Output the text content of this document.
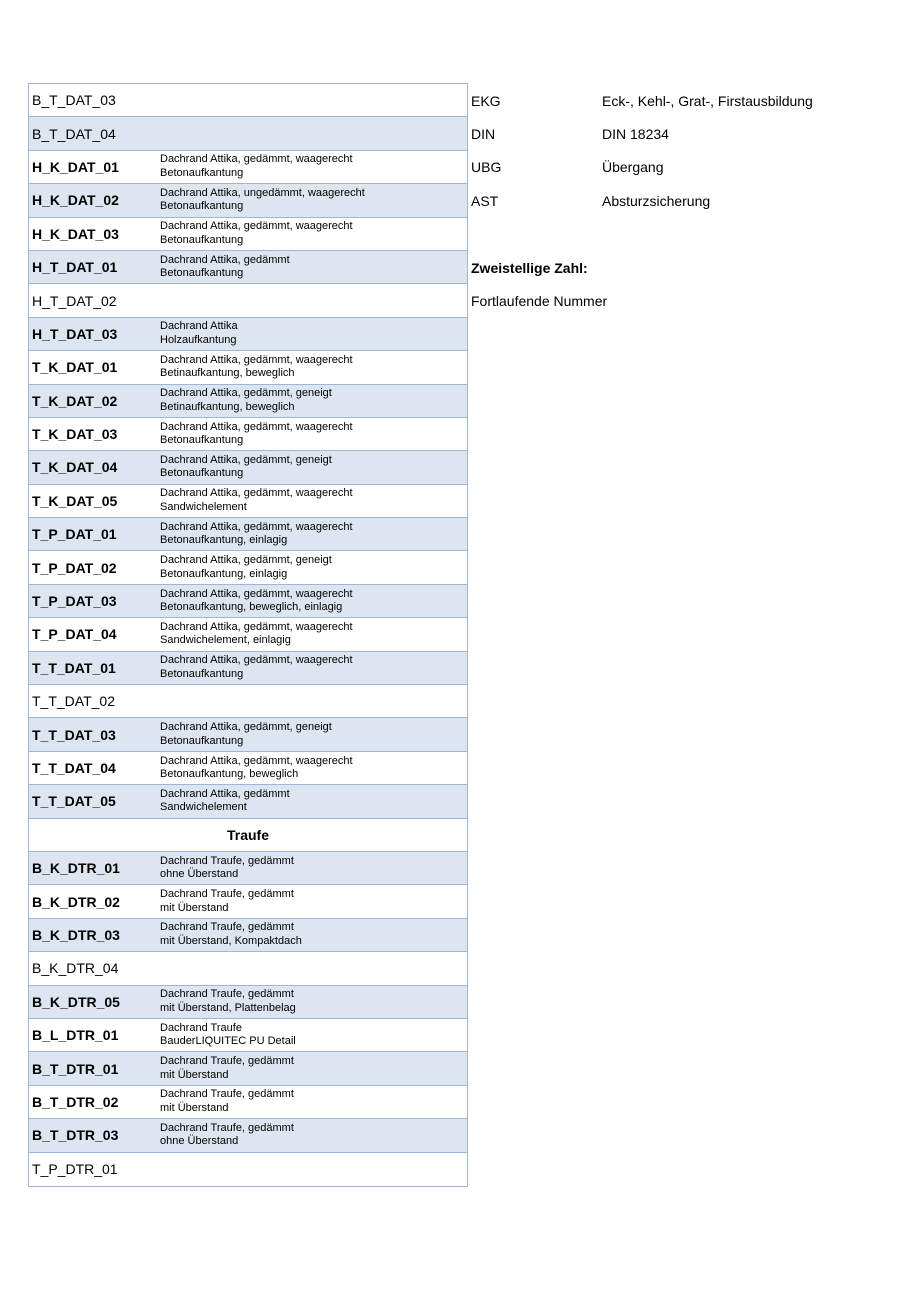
B_T_DAT_03
B_T_DAT_04
H_K_DAT_01	Dachrand Attika, gedämmt, waagerecht
Betonaufkantung
H_K_DAT_02	Dachrand Attika, ungedämmt, waagerecht
Betonaufkantung
H_K_DAT_03	Dachrand Attika, gedämmt, waagerecht
Betonaufkantung
H_T_DAT_01	Dachrand Attika, gedämmt
Betonaufkantung
H_T_DAT_02
H_T_DAT_03	Dachrand Attika
Holzaufkantung
T_K_DAT_01	Dachrand Attika, gedämmt, waagerecht
Betinaufkantung, beweglich
T_K_DAT_02	Dachrand Attika, gedämmt, geneigt
Betinaufkantung, beweglich
T_K_DAT_03	Dachrand Attika, gedämmt, waagerecht
Betonaufkantung
T_K_DAT_04	Dachrand Attika, gedämmt, geneigt
Betonaufkantung
T_K_DAT_05	Dachrand Attika, gedämmt, waagerecht
Sandwichelement
T_P_DAT_01	Dachrand Attika, gedämmt, waagerecht
Betonaufkantung, einlagig
T_P_DAT_02	Dachrand Attika, gedämmt, geneigt
Betonaufkantung, einlagig
T_P_DAT_03	Dachrand Attika, gedämmt, waagerecht
Betonaufkantung, beweglich, einlagig
T_P_DAT_04	Dachrand Attika, gedämmt, waagerecht
Sandwichelement, einlagig
T_T_DAT_01	Dachrand Attika, gedämmt, waagerecht
Betonaufkantung
T_T_DAT_02
T_T_DAT_03	Dachrand Attika, gedämmt, geneigt
Betonaufkantung
T_T_DAT_04	Dachrand Attika, gedämmt, waagerecht
Betonaufkantung, beweglich
T_T_DAT_05	Dachrand Attika, gedämmt
Sandwichelement
Traufe
B_K_DTR_01	Dachrand Traufe, gedämmt
ohne Überstand
B_K_DTR_02	Dachrand Traufe, gedämmt
mit Überstand
B_K_DTR_03	Dachrand Traufe, gedämmt
mit Überstand, Kompaktdach
B_K_DTR_04
B_K_DTR_05	Dachrand Traufe, gedämmt
mit Überstand, Plattenbelag
B_L_DTR_01	Dachrand Traufe
BauderLIQUITEC PU Detail
B_T_DTR_01	Dachrand Traufe, gedämmt
mit Überstand
B_T_DTR_02	Dachrand Traufe, gedämmt
mit Überstand
B_T_DTR_03	Dachrand Traufe, gedämmt
ohne Überstand
T_P_DTR_01
EKG	Eck-, Kehl-, Grat-, Firstausbildung
DIN	DIN 18234
UBG	Übergang
AST	Absturzsicherung
Zweistellige Zahl:
Fortlaufende Nummer
